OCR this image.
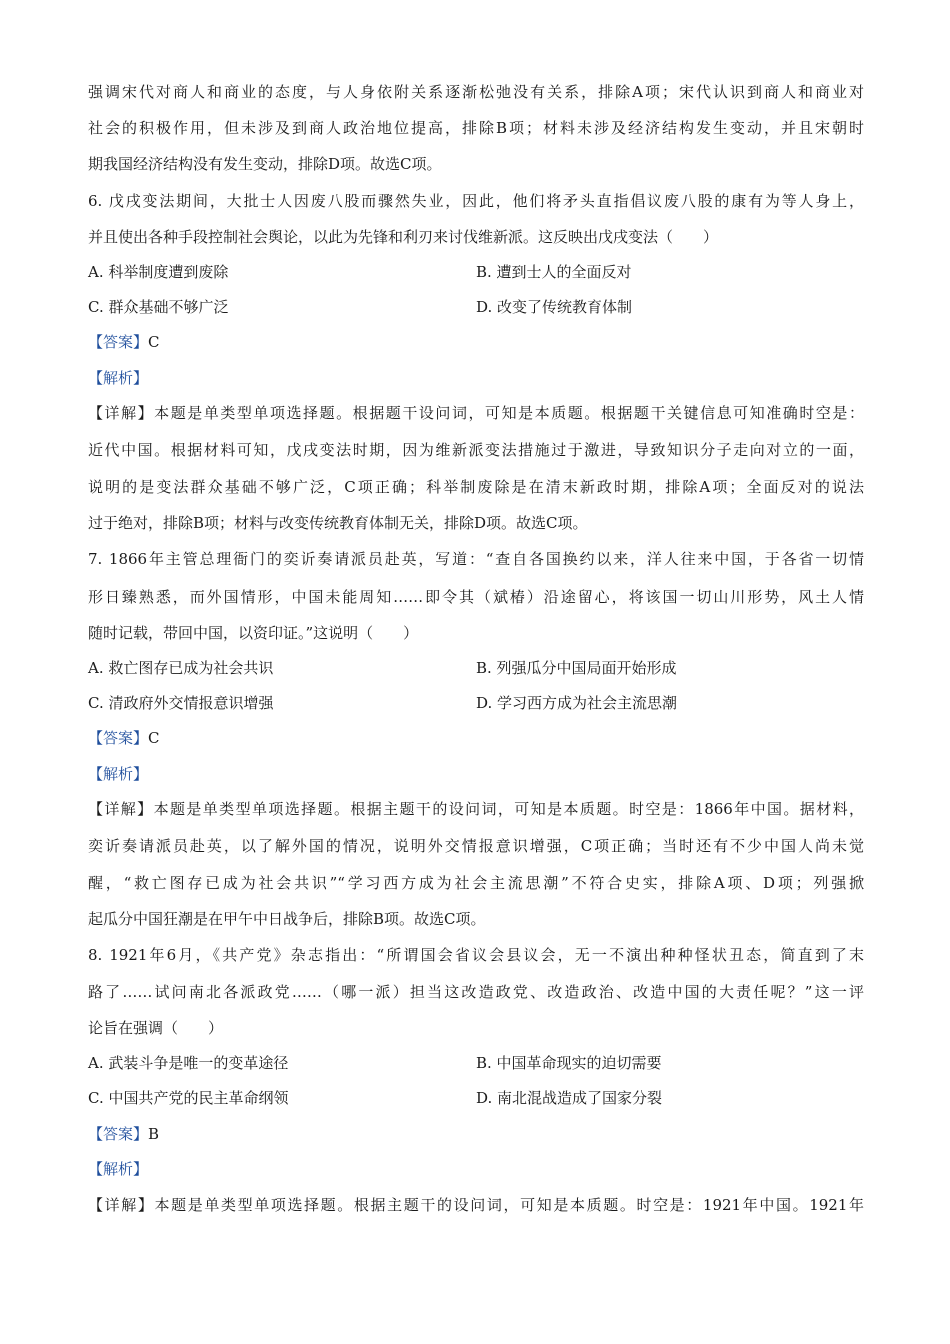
强调宋代对商人和商业的态度，与人身依附关系逐渐松弛没有关系，排除A项；宋代认识到商人和商业对
社会的积极作用，但未涉及到商人政治地位提高，排除B项；材料未涉及经济结构发生变动，并且宋朝时
期我国经济结构没有发生变动，排除D项。故选C项。
6. 戊戌变法期间，大批士人因废八股而骤然失业，因此，他们将矛头直指倡议废八股的康有为等人身上，
并且使出各种手段控制社会舆论，以此为先锋和利刃来讨伐维新派。这反映出戊戌变法（　　）
A. 科举制度遭到废除	B. 遭到士人的全面反对
C. 群众基础不够广泛	D. 改变了传统教育体制
【答案】C
【解析】
【详解】本题是单类型单项选择题。根据题干设问词，可知是本质题。根据题干关键信息可知准确时空是：
近代中国。根据材料可知，戊戌变法时期，因为维新派变法措施过于激进，导致知识分子走向对立的一面，
说明的是变法群众基础不够广泛，C项正确；科举制废除是在清末新政时期，排除A项；全面反对的说法
过于绝对，排除B项；材料与改变传统教育体制无关，排除D项。故选C项。
7. 1866年主管总理衙门的奕䜣奏请派员赴英，写道：“查自各国换约以来，洋人往来中国，于各省一切情
形日臻熟悉，而外国情形，中国未能周知……即令其（斌椿）沿途留心，将该国一切山川形势，风土人情
随时记载，带回中国，以资印证。”这说明（　　）
A. 救亡图存已成为社会共识	B. 列强瓜分中国局面开始形成
C. 清政府外交情报意识增强	D. 学习西方成为社会主流思潮
【答案】C
【解析】
【详解】本题是单类型单项选择题。根据主题干的设问词，可知是本质题。时空是：1866年中国。据材料，
奕䜣奏请派员赴英，以了解外国的情况，说明外交情报意识增强，C项正确；当时还有不少中国人尚未觉
醒，“救亡图存已成为社会共识”“学习西方成为社会主流思潮”不符合史实，排除A项、D项；列强掀
起瓜分中国狂潮是在甲午中日战争后，排除B项。故选C项。
8. 1921年6月，《共产党》杂志指出：“所谓国会省议会县议会，无一不演出种种怪状丑态，简直到了末
路了……试问南北各派政党……（哪一派）担当这改造政党、改造政治、改造中国的大责任呢？”这一评
论旨在强调（　　）
A. 武装斗争是唯一的变革途径	B. 中国革命现实的迫切需要
C. 中国共产党的民主革命纲领	D. 南北混战造成了国家分裂
【答案】B
【解析】
【详解】本题是单类型单项选择题。根据主题干的设问词，可知是本质题。时空是：1921年中国。1921年
